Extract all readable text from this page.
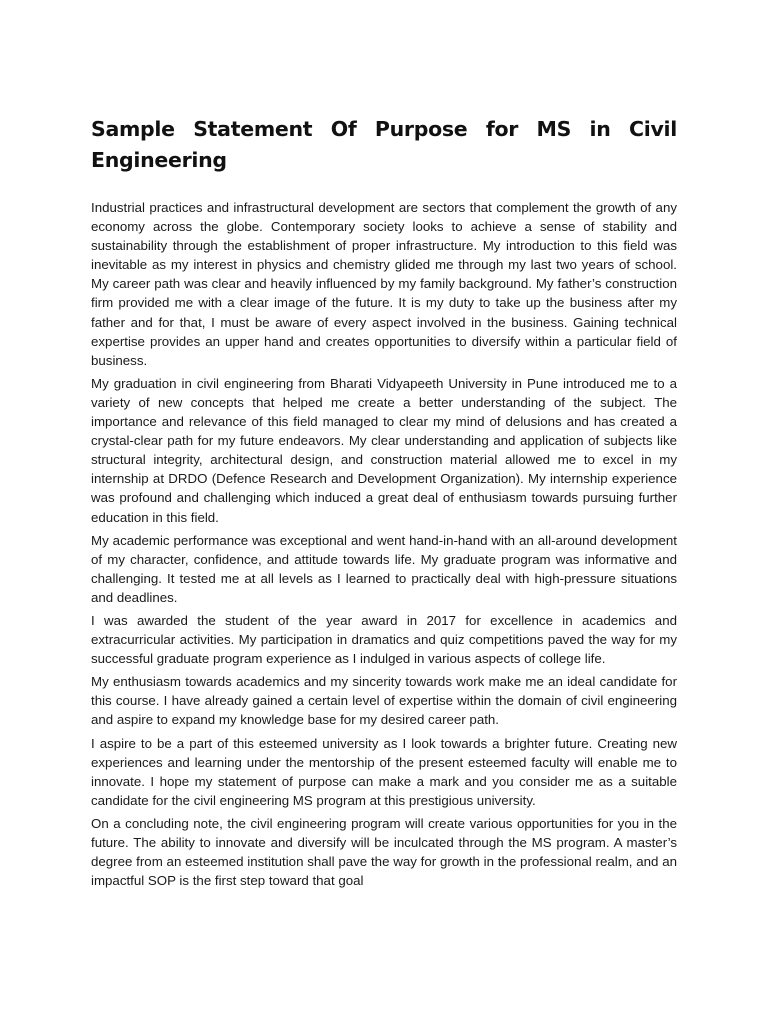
Sample Statement Of Purpose for MS in Civil Engineering

Industrial practices and infrastructural development are sectors that complement the growth of any economy across the globe. Contemporary society looks to achieve a sense of stability and sustainability through the establishment of proper infrastructure. My introduction to this field was inevitable as my interest in physics and chemistry glided me through my last two years of school. My career path was clear and heavily influenced by my family background. My father’s construction firm provided me with a clear image of the future. It is my duty to take up the business after my father and for that, I must be aware of every aspect involved in the business. Gaining technical expertise provides an upper hand and creates opportunities to diversify within a particular field of business.

My graduation in civil engineering from Bharati Vidyapeeth University in Pune introduced me to a variety of new concepts that helped me create a better understanding of the subject. The importance and relevance of this field managed to clear my mind of delusions and has created a crystal-clear path for my future endeavors. My clear understanding and application of subjects like structural integrity, architectural design, and construction material allowed me to excel in my internship at DRDO (Defence Research and Development Organization). My internship experience was profound and challenging which induced a great deal of enthusiasm towards pursuing further education in this field.

My academic performance was exceptional and went hand-in-hand with an all-around development of my character, confidence, and attitude towards life. My graduate program was informative and challenging. It tested me at all levels as I learned to practically deal with high-pressure situations and deadlines.

I was awarded the student of the year award in 2017 for excellence in academics and extracurricular activities. My participation in dramatics and quiz competitions paved the way for my successful graduate program experience as I indulged in various aspects of college life.

My enthusiasm towards academics and my sincerity towards work make me an ideal candidate for this course. I have already gained a certain level of expertise within the domain of civil engineering and aspire to expand my knowledge base for my desired career path.

I aspire to be a part of this esteemed university as I look towards a brighter future. Creating new experiences and learning under the mentorship of the present esteemed faculty will enable me to innovate. I hope my statement of purpose can make a mark and you consider me as a suitable candidate for the civil engineering MS program at this prestigious university.

On a concluding note, the civil engineering program will create various opportunities for you in the future. The ability to innovate and diversify will be inculcated through the MS program. A master’s degree from an esteemed institution shall pave the way for growth in the professional realm, and an impactful SOP is the first step toward that goal
